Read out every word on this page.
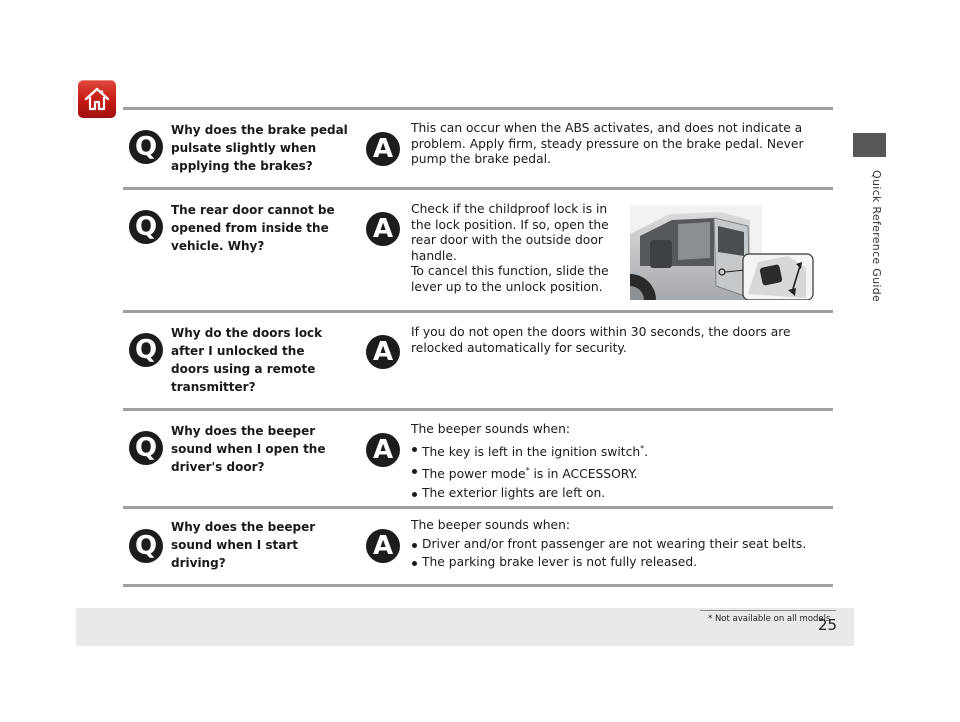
Quick Reference Guide
Q
Why does the brake pedal pulsate slightly when applying the brakes?
A
This can occur when the ABS activates, and does not indicate a problem. Apply firm, steady pressure on the brake pedal. Never pump the brake pedal.
Q
The rear door cannot be opened from inside the vehicle. Why?
A

Check if the childproof lock is in

the lock position. If so, open the

rear door with the outside door

handle.

To cancel this function, slide the

lever up to the unlock position.

Q
Why do the doors lock after I unlocked the doors using a remote transmitter?
A
If you do not open the doors within 30 seconds, the doors are relocked automatically for security.
Q
Why does the beeper sound when I open the driver's door?
A

The beeper sounds when:

The key is left in the ignition switch*.
The power mode* is in ACCESSORY.
The exterior lights are left on.
Q
Why does the beeper sound when I start driving?
A

The beeper sounds when:

Driver and/or front passenger are not wearing their seat belts.
The parking brake lever is not fully released.
* Not available on all models
25
